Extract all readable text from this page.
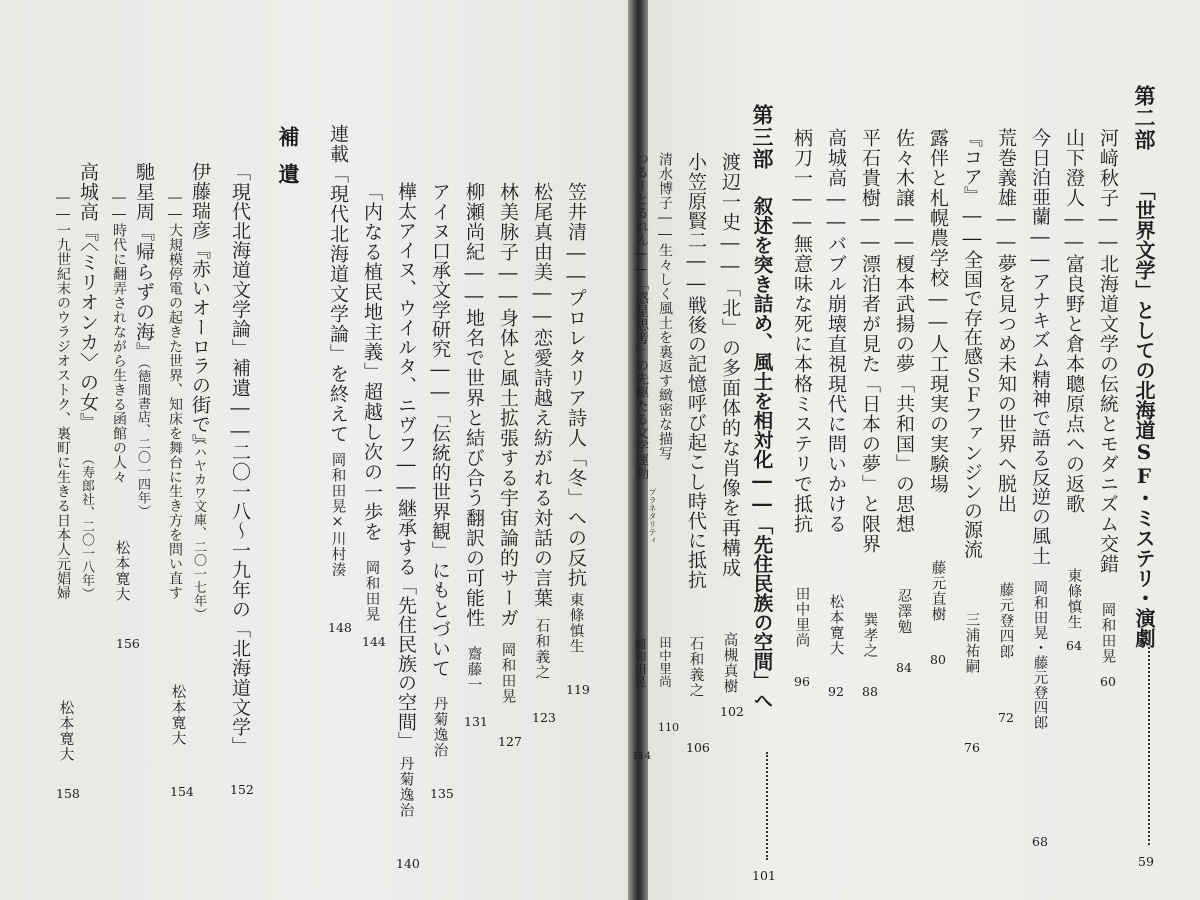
第二部
「世界文学」としての北海道SF・ミステリ・演劇
59
河﨑秋子――北海道文学の伝統とモダニズム交錯
岡和田晃
60
山下澄人――富良野と倉本聰原点への返歌
東條慎生
64
今日泊亜蘭――アナキズム精神で語る反逆の風土
岡和田晃・藤元登四郎
68
荒巻義雄――夢を見つめ未知の世界へ脱出
藤元登四郎
72
『コア』――全国で存在感ＳＦファンジンの源流
三浦祐嗣
76
露伴と札幌農学校――人工現実の実験場
藤元直樹
80
佐々木譲――榎本武揚の夢「共和国」の思想
忍澤勉
84
平石貴樹――漂泊者が見た「日本の夢」と限界
巽孝之
88
高城高――バブル崩壊直視現代に問いかける
松本寛大
92
柄刀一――無意味な死に本格ミステリで抵抗
田中里尚
96
第三部
叙述を突き詰め、風土を相対化――「先住民族の空間」へ
101
渡辺一史――「北」の多面体的な肖像を再構成
高槻真樹
102
小笠原賢二――戦後の記憶呼び起こし時代に抵抗
石和義之
106
清水博子――生々しく風土を裏返す緻密な描写
田中里尚
110
つるーとるれん――「惑星思考」の先駆たる文学運動
プラネタリティ
岡和田晃
114
笠井清――プロレタリア詩人「冬」への反抗
東條慎生
119
松尾真由美――恋愛詩越え紡がれる対話の言葉
石和義之
123
林美脉子――身体と風土拡張する宇宙論的サーガ
岡和田晃
127
柳瀬尚紀――地名で世界と結び合う翻訳の可能性
齋藤一
131
アイヌ口承文学研究――「伝統的世界観」にもとづいて
丹菊逸治
135
樺太アイヌ、ウイルタ、ニヴフ――継承する「先住民族の空間」
丹菊逸治
140
「内なる植民地主義」超越し次の一歩を
岡和田晃
144
連載「現代北海道文学論」を終えて
岡和田晃×川村湊
148
補遺
「現代北海道文学論」補遺――二〇一八～一九年の「北海道文学」
152
伊藤瑞彦『赤いオーロラの街で』
（ハヤカワ文庫、二〇一七年）
――大規模停電の起きた世界、知床を舞台に生き方を問い直す
松本寛大
154
馳星周『帰らずの海』
（徳間書店、二〇一四年）
――時代に翻弄されながら生きる函館の人々
松本寛大
156
高城高『〈ミリオンカ〉の女』
（寿郎社、二〇一八年）
――一九世紀末のウラジオストク、裏町に生きる日本人元娼婦
松本寛大
158
